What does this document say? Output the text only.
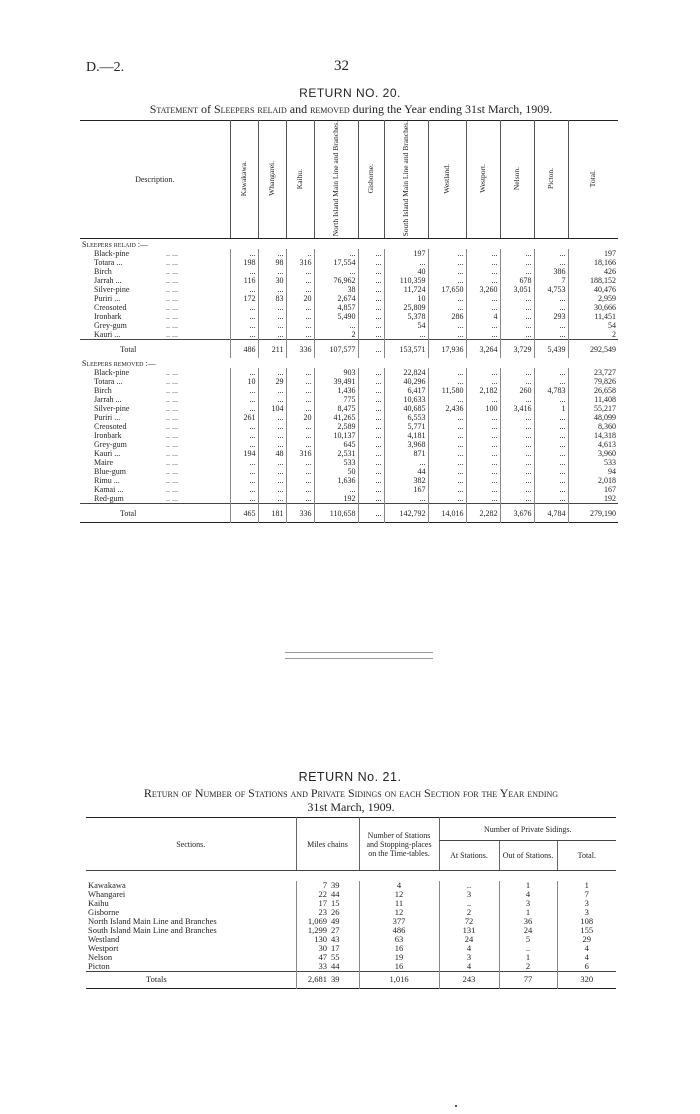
D.—2.	32
RETURN NO. 20.
Statement of Sleepers relaid and removed during the Year ending 31st March, 1909.
Description.	Kawakawa.	Whangarei.	Kaihu.	North Island Main Line and Branches.	Gisborne.	South Island Main Line and Branches.	Westland.	Westport.	Nelson.	Picton.	Total.
Sleepers relaid :—											
Black-pine .. ...	...	...	..	...	...	197	...	...	...	...	197
Totara ... .. ...	198	98	316	17,554	...	...	...	...	...	...	18,166
Birch .. ...	...	...	...	...	...	40	...	...	...	386	426
Jarrah ... .. ...	116	30	...	76,962	...	110,359	...	...	678	7	188,152
Silver-pine .. ...	...	...	...	38	...	11,724	17,650	3,260	3,051	4,753	40,476
Puriri ... .. ...	172	83	20	2,674	...	10	...	...	...	...	2,959
Creosoted .. ...	...	...	...	4,857	...	25,809	...	...	...	...	30,666
Ironbark .. ...	...	...	...	5,490	...	5,378	286	4	...	293	11,451
Grey-gum .. ...	...	...	...	...	...	54	...	...	...	...	54
Kauri ... .. ...	...	...	...	2	...	...	...	...	...	...	2
Total	486	211	336	107,577	...	153,571	17,936	3,264	3,729	5,439	292,549
Sleepers removed :—											
Black-pine .. ...	...	...	...	903	...	22,824	...	...	...	...	23,727
Totara ... .. ...	10	29	...	39,491	...	40,296	...	...	...	...	79,826
Birch .. ...	...	...	...	1,436	...	6,417	11,580	2,182	260	4,783	26,658
Jarrah ... .. ...	...	...	...	775	...	10,633	...	...	...	...	11,408
Silver-pine .. ...	...	104	...	8,475	...	40,685	2,436	100	3,416	1	55,217
Puriri ... .. ...	261	...	20	41,265	...	6,553	...	...	...	...	48,099
Creosoted .. ...	...	...	...	2,589	...	5,771	...	...	...	...	8,360
Ironbark .. ...	...	...	...	10,137	...	4,181	...	...	...	...	14,318
Grey-gum .. ...	...	...	...	645	...	3,968	...	...	...	...	4,613
Kauri ... .. ...	194	48	316	2,531	...	871	...	...	...	...	3,960
Maire .. ...	...	...	...	533	...	...	...	...	...	...	533
Blue-gum .. ...	...	...	...	50	...	44	...	...	...	...	94
Rimu ... .. ...	...	...	...	1,636	...	382	...	...	...	...	2,018
Kamai ... .. ...	...	...	...	...	...	167	...	...	...	...	167
Red-gum .. ...	...	...	...	192	...	...	...	...	...	...	192
Total	465	181	336	110,658	...	142,792	14,016	2,282	3,676	4,784	279,190
RETURN No. 21.
Return of Number of Stations and Private Sidings on each Section for the Year ending
31st March, 1909.
Sections.	Miles chains		Number of Stations and Stopping-places on the Time-tables.	Number of Private Sidings.		
				At Stations.	Out of Stations.	Total.

Kawakawa	7	39	4	..	1	1
Whangarei	22	44	12	3	4	7
Kaihu	17	15	11	..	3	3
Gisborne	23	26	12	2	1	3
North Island Main Line and Branches	1,069	49	377	72	36	108
South Island Main Line and Branches	1,299	27	486	131	24	155
Westland	130	43	63	24	5	29
Westport	30	17	16	4	..	4
Nelson	47	55	19	3	1	4
Picton	33	44	16	4	2	6
Totals	2,681	39	1,016	243	77	320
